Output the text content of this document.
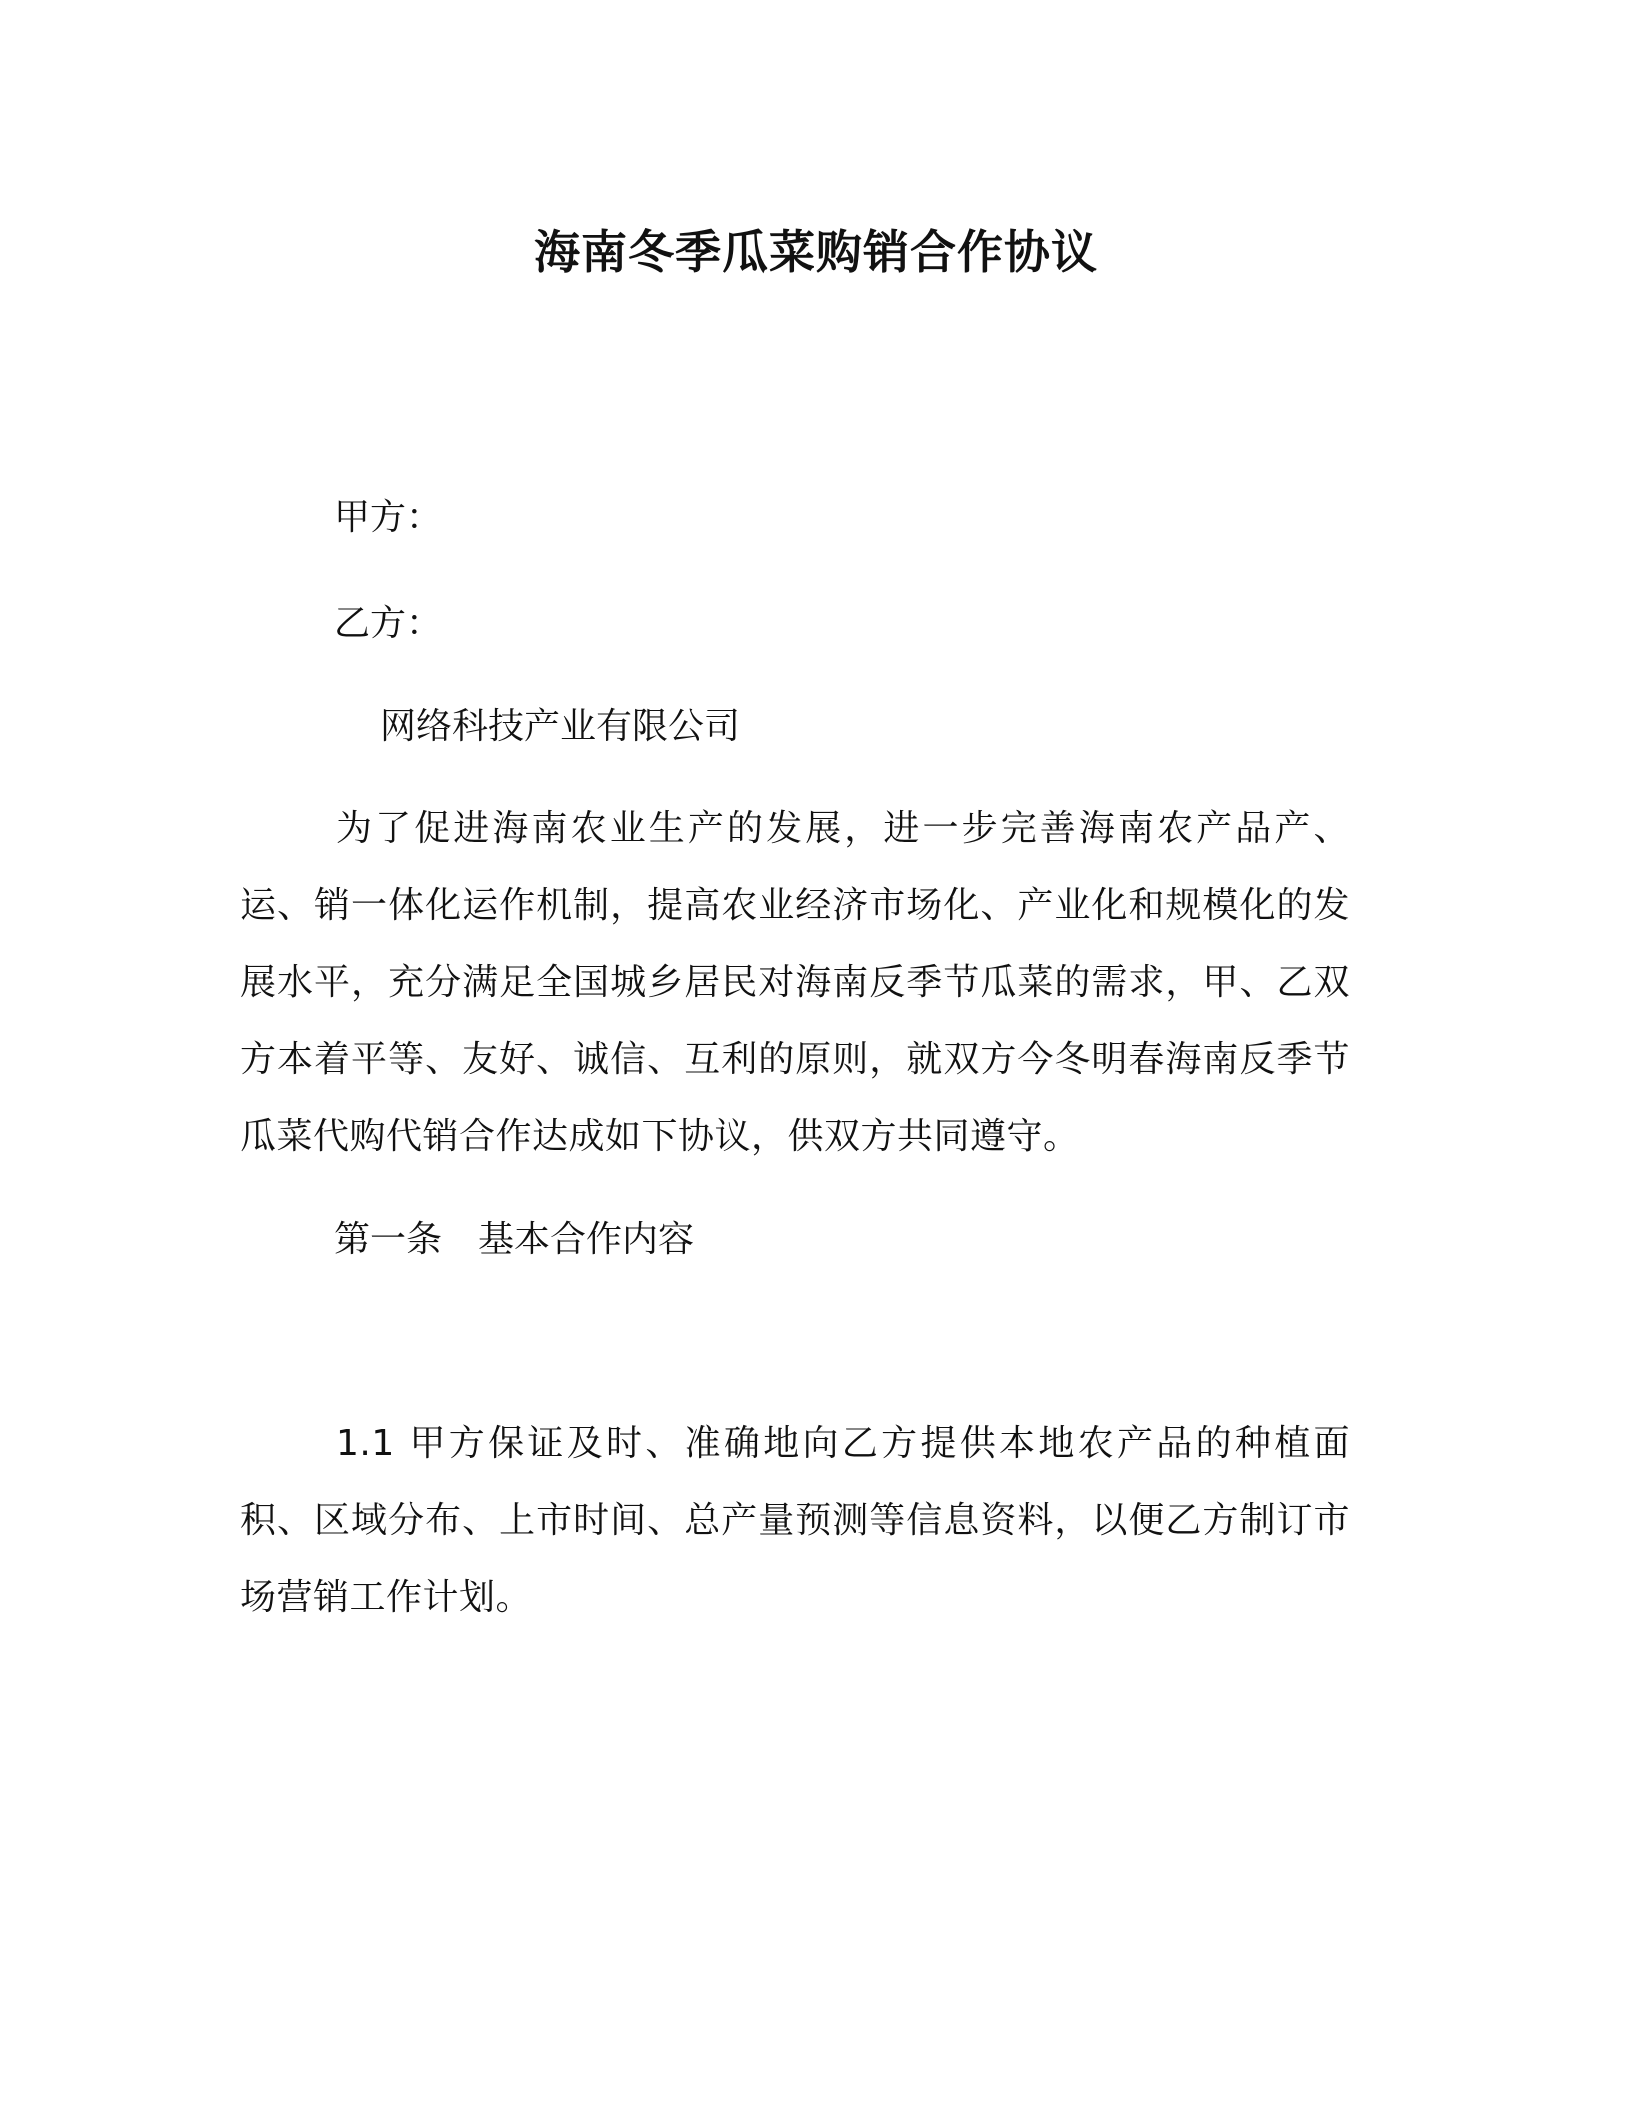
海南冬季瓜菜购销合作协议
甲方：
乙方：
网络科技产业有限公司
为了促进海南农业生产的发展，进一步完善海南农产品产、运、销一体化运作机制，提高农业经济市场化、产业化和规模化的发展水平，充分满足全国城乡居民对海南反季节瓜菜的需求，甲、乙双方本着平等、友好、诚信、互利的原则，就双方今冬明春海南反季节瓜菜代购代销合作达成如下协议，供双方共同遵守。
第一条　基本合作内容
1.1 甲方保证及时、准确地向乙方提供本地农产品的种植面积、区域分布、上市时间、总产量预测等信息资料，以便乙方制订市场营销工作计划。
